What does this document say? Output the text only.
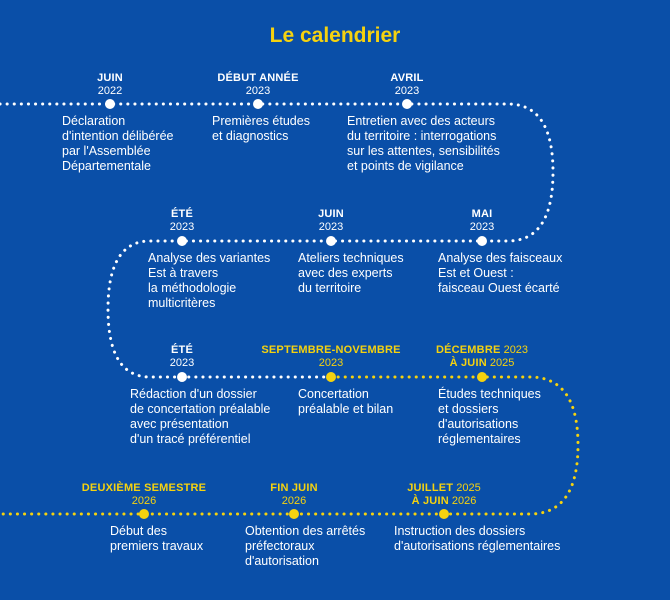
Le calendrier
JUIN
2022
Déclaration
d'intention délibérée
par l'Assemblée
Départementale
DÉBUT ANNÉE
2023
Premières études
et diagnostics
AVRIL
2023
Entretien avec des acteurs
du territoire : interrogations
sur les attentes, sensibilités
et points de vigilance
ÉTÉ
2023
Analyse des variantes
Est à travers
la méthodologie
multicritères
JUIN
2023
Ateliers techniques
avec des experts
du territoire
MAI
2023
Analyse des faisceaux
Est et Ouest :
faisceau Ouest écarté
ÉTÉ
2023
Rédaction d'un dossier
de concertation préalable
avec présentation
d'un tracé préférentiel
SEPTEMBRE-NOVEMBRE
2023
Concertation
préalable et bilan
DÉCEMBRE 2023
À JUIN 2025
Études techniques
et dossiers
d'autorisations
réglementaires
DEUXIÈME SEMESTRE
2026
Début des
premiers travaux
FIN JUIN
2026
Obtention des arrêtés
préfectoraux
d'autorisation
JUILLET 2025
À JUIN 2026
Instruction des dossiers
d'autorisations réglementaires
